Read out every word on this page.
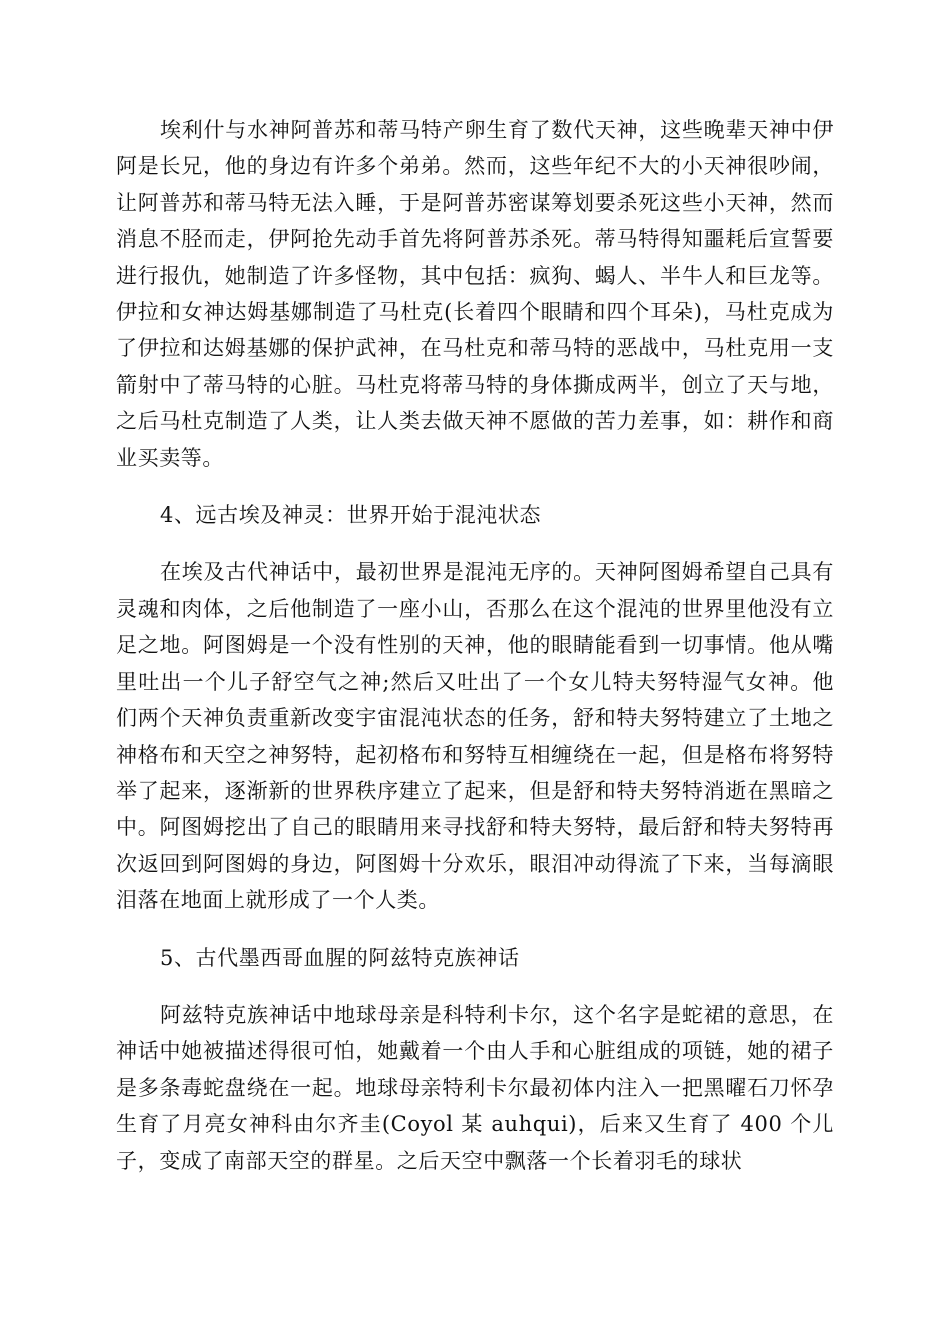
埃利什与水神阿普苏和蒂马特产卵生育了数代天神，这些晚辈天神中伊阿是长兄，他的身边有许多个弟弟。然而，这些年纪不大的小天神很吵闹，让阿普苏和蒂马特无法入睡，于是阿普苏密谋筹划要杀死这些小天神，然而消息不胫而走，伊阿抢先动手首先将阿普苏杀死。蒂马特得知噩耗后宣誓要进行报仇，她制造了许多怪物，其中包括：疯狗、蝎人、半牛人和巨龙等。伊拉和女神达姆基娜制造了马杜克(长着四个眼睛和四个耳朵)，马杜克成为了伊拉和达姆基娜的保护武神，在马杜克和蒂马特的恶战中，马杜克用一支箭射中了蒂马特的心脏。马杜克将蒂马特的身体撕成两半，创立了天与地，之后马杜克制造了人类，让人类去做天神不愿做的苦力差事，如：耕作和商业买卖等。

4、远古埃及神灵：世界开始于混沌状态

在埃及古代神话中，最初世界是混沌无序的。天神阿图姆希望自己具有灵魂和肉体，之后他制造了一座小山，否那么在这个混沌的世界里他没有立足之地。阿图姆是一个没有性别的天神，他的眼睛能看到一切事情。他从嘴里吐出一个儿子舒空气之神;然后又吐出了一个女儿特夫努特湿气女神。他们两个天神负责重新改变宇宙混沌状态的任务，舒和特夫努特建立了土地之神格布和天空之神努特，起初格布和努特互相缠绕在一起，但是格布将努特举了起来，逐渐新的世界秩序建立了起来，但是舒和特夫努特消逝在黑暗之中。阿图姆挖出了自己的眼睛用来寻找舒和特夫努特，最后舒和特夫努特再次返回到阿图姆的身边，阿图姆十分欢乐，眼泪冲动得流了下来，当每滴眼泪落在地面上就形成了一个人类。

5、古代墨西哥血腥的阿兹特克族神话

阿兹特克族神话中地球母亲是科特利卡尔，这个名字是蛇裙的意思，在神话中她被描述得很可怕，她戴着一个由人手和心脏组成的项链，她的裙子是多条毒蛇盘绕在一起。地球母亲特利卡尔最初体内注入一把黑曜石刀怀孕生育了月亮女神科由尔齐圭(Coyol 某 auhqui)，后来又生育了 400 个儿子，变成了南部天空的群星。之后天空中飘落一个长着羽毛的球状
